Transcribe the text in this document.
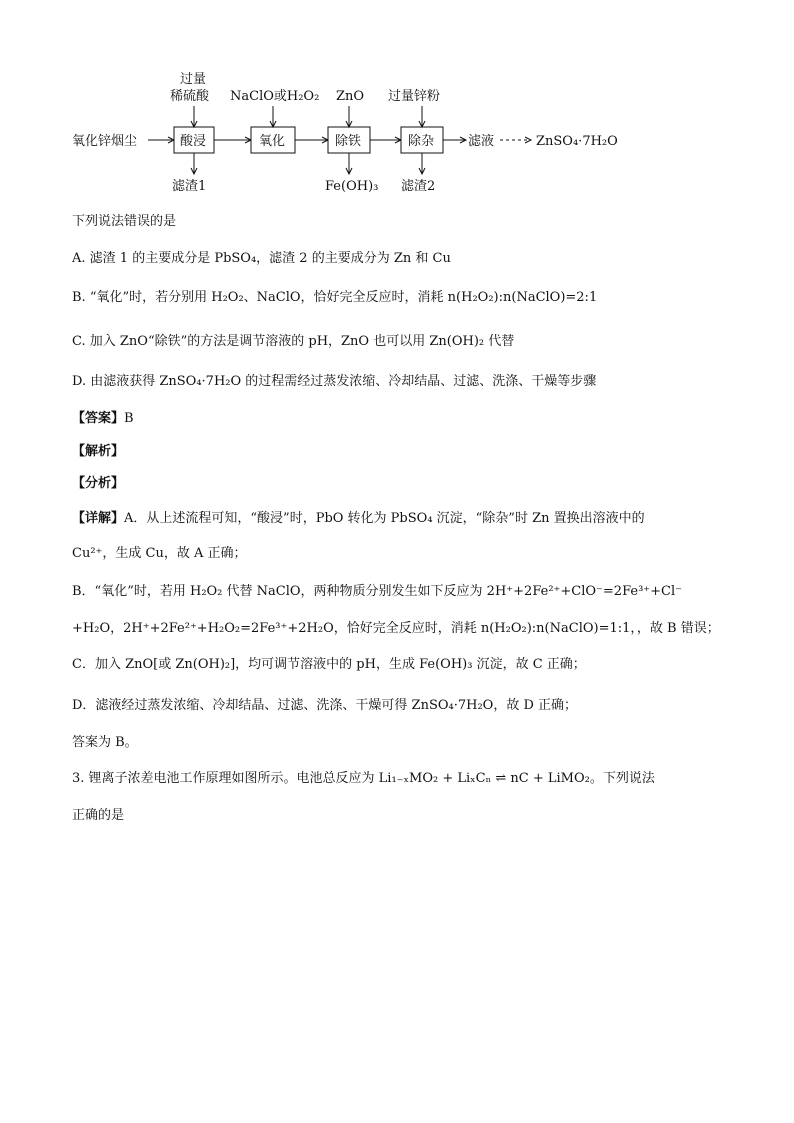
氧化锌烟尘	酸浸
过量
稀硫酸
滤渣1
氧化
NaClO或H₂O₂
除铁
ZnO
Fe(OH)₃
除杂
过量锌粉
滤渣2
滤液	ZnSO₄·7H₂O
下列说法错误的是
A. 滤渣 1 的主要成分是 PbSO₄，滤渣 2 的主要成分为 Zn 和 Cu
B. “氧化”时，若分别用 H₂O₂、NaClO，恰好完全反应时，消耗 n(H₂O₂):n(NaClO)=2:1
C. 加入 ZnO“除铁”的方法是调节溶液的 pH，ZnO 也可以用 Zn(OH)₂ 代替
D. 由滤液获得 ZnSO₄·7H₂O 的过程需经过蒸发浓缩、冷却结晶、过滤、洗涤、干燥等步骤
【答案】B
【解析】
【分析】
【详解】A．从上述流程可知，“酸浸”时，PbO 转化为 PbSO₄ 沉淀，“除杂”时 Zn 置换出溶液中的
Cu²⁺，生成 Cu，故 A 正确；
B．“氧化”时，若用 H₂O₂ 代替 NaClO，两种物质分别发生如下反应为 2H⁺+2Fe²⁺+ClO⁻=2Fe³⁺+Cl⁻
+H₂O，2H⁺+2Fe²⁺+H₂O₂=2Fe³⁺+2H₂O，恰好完全反应时，消耗 n(H₂O₂):n(NaClO)=1:1，，故 B 错误；
C．加入 ZnO[或 Zn(OH)₂]，均可调节溶液中的 pH，生成 Fe(OH)₃ 沉淀，故 C 正确；
D．滤液经过蒸发浓缩、冷却结晶、过滤、洗涤、干燥可得 ZnSO₄·7H₂O，故 D 正确；
答案为 B。
3. 锂离子浓差电池工作原理如图所示。电池总反应为 Li₁₋ₓMO₂ + LiₓCₙ ⇌ nC + LiMO₂。下列说法
正确的是
